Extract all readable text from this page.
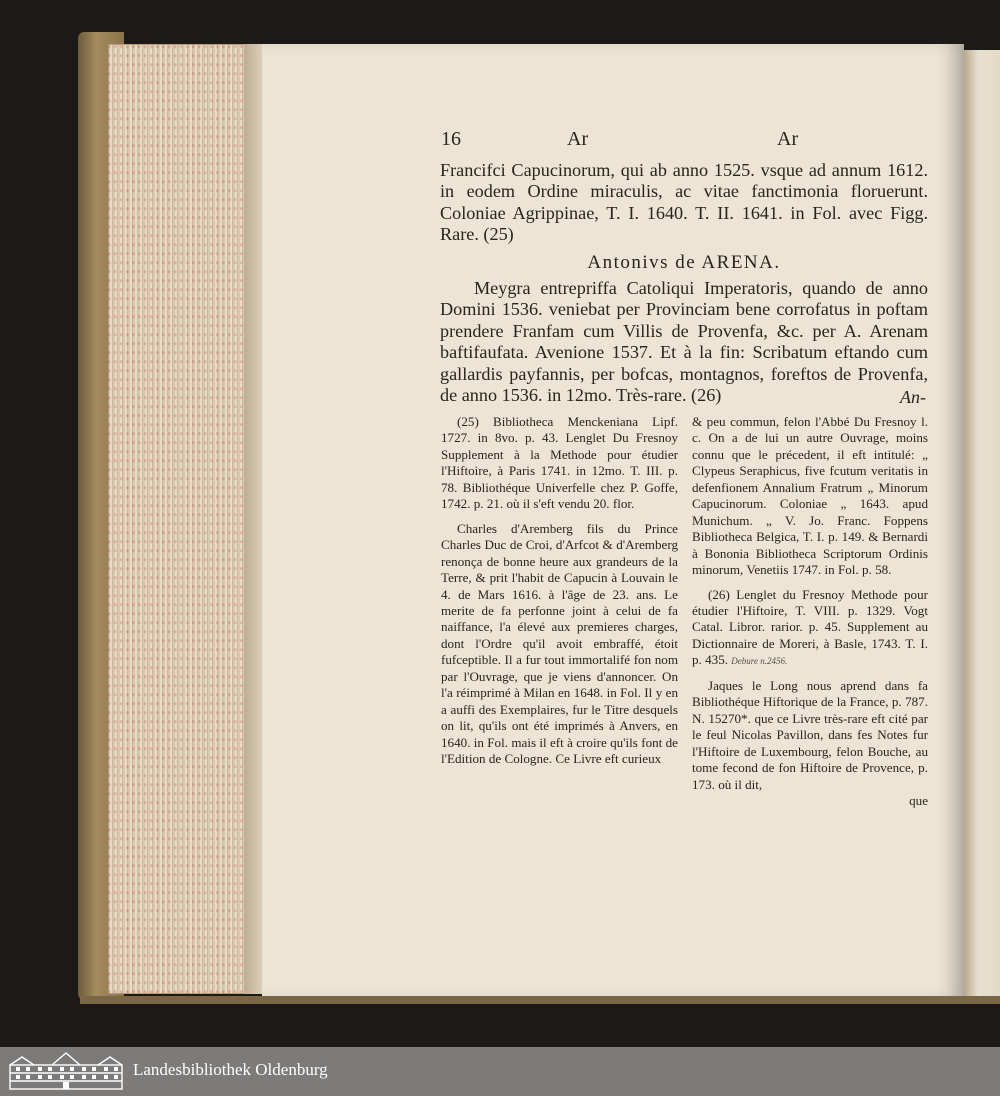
16	Ar	Ar

Francifci Capucinorum, qui ab anno 1525. vsque ad annum 1612. in eodem Ordine miraculis, ac vitae fanctimonia floruerunt. Coloniae Agrippinae, T. I. 1640. T. II. 1641. in Fol. avec Figg. Rare. (25)

Antonivs de ARENA.

Meygra entrepriffa Catoliqui Imperatoris, quando de anno Domini 1536. veniebat per Provinciam bene corrofatus in poftam prendere Franfam cum Villis de Provenfa, &c. per A. Arenam baftifaufata. Avenione 1537. Et à la fin: Scribatum eftando cum gallardis payfannis, per bofcas, montagnos, foreftos de Provenfa, de anno 1536. in 12mo. Très-rare. (26)	An-

(25) Bibliotheca Menckeniana Lipf. 1727. in 8vo. p. 43. Lenglet Du Fresnoy Supplement à la Methode pour étudier l'Hiftoire, à Paris 1741. in 12mo. T. III. p. 78. Bibliothéque Univerfelle chez P. Goffe, 1742. p. 21. où il s'eft vendu 20. flor.

Charles d'Aremberg fils du Prince Charles Duc de Croi, d'Arfcot & d'Aremberg renonça de bonne heure aux grandeurs de la Terre, & prit l'habit de Capucin à Louvain le 4. de Mars 1616. à l'âge de 23. ans. Le merite de fa perfonne joint à celui de fa naiffance, l'a élevé aux premieres charges, dont l'Ordre qu'il avoit embraffé, étoit fufceptible. Il a fur tout immortalifé fon nom par l'Ouvrage, que je viens d'annoncer. On l'a réimprimé à Milan en 1648. in Fol. Il y en a auffi des Exemplaires, fur le Titre desquels on lit, qu'ils ont été imprimés à Anvers, en 1640. in Fol. mais il eft à croire qu'ils font de l'Edition de Cologne. Ce Livre eft curieux

& peu commun, felon l'Abbé Du Fresnoy l. c. On a de lui un autre Ouvrage, moins connu que le précedent, il eft intitulé: „ Clypeus Seraphicus, five fcutum veritatis in defenfionem Annalium Fratrum „ Minorum Capucinorum. Coloniae „ 1643. apud Munichum. „ V. Jo. Franc. Foppens Bibliotheca Belgica, T. I. p. 149. & Bernardi à Bononia Bibliotheca Scriptorum Ordinis minorum, Venetiis 1747. in Fol. p. 58.

(26) Lenglet du Fresnoy Methode pour étudier l'Hiftoire, T. VIII. p. 1329. Vogt Catal. Libror. rarior. p. 45. Supplement au Dictionnaire de Moreri, à Basle, 1743. T. I. p. 435. Debure n.2456.

Jaques le Long nous aprend dans fa Bibliothéque Hiftorique de la France, p. 787. N. 15270*. que ce Livre très-rare eft cité par le feul Nicolas Pavillon, dans fes Notes fur l'Hiftoire de Luxembourg, felon Bouche, au tome fecond de fon Hiftoire de Provence, p. 173. où il dit,

que
Landesbibliothek Oldenburg
